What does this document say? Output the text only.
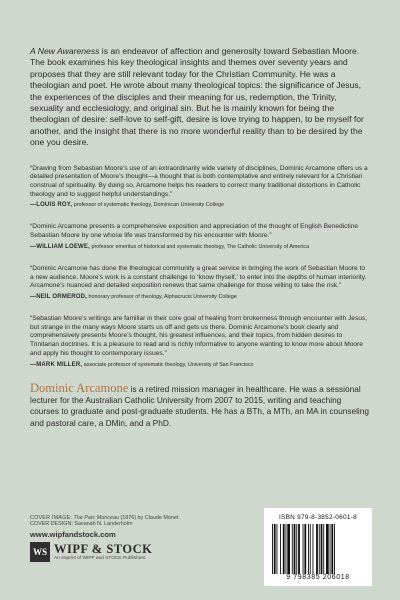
A New Awareness is an endeavor of affection and generosity toward Sebastian Moore. The book examines his key theological insights and themes over seventy years and proposes that they are still relevant today for the Christian Community. He was a theologian and poet. He wrote about many theological topics: the significance of Jesus, the experiences of the disciples and their meaning for us, redemption, the Trinity, sexuality and ecclesiology, and original sin. But he is mainly known for being the theologian of desire: self-love to self-gift, desire is love trying to happen, to be myself for another, and the insight that there is no more wonderful reality than to be desired by the one you desire.

“Drawing from Sebastian Moore’s use of an extraordinarily wide variety of disciplines, Dominic Arcamone offers us a detailed presentation of Moore’s thought—a thought that is both contemplative and entirely relevant for a Christian construal of spirituality. By doing so, Arcamone helps his readers to correct many traditional distortions in Catholic theology and to suggest helpful understandings.”

—LOUIS ROY, professor of systematic theology, Dominican University College

“Dominic Arcamone presents a comprehensive exposition and appreciation of the thought of English Benedictine Sebastian Moore by one whose life was transformed by his encounter with Moore.”

—WILLIAM LOEWE, professor emeritus of historical and systematic theology, The Catholic University of America

“Dominic Arcamone has done the theological community a great service in bringing the work of Sebastian Moore to a new audience. Moore’s work is a constant challenge to ‘know thyself,’ to enter into the depths of human interiority. Arcamone’s nuanced and detailed exposition renews that same challenge for those willing to take the risk.”

—NEIL ORMEROD, honorary professor of theology, Alphacrucis University College

“Sebastian Moore’s writings are familiar in their core goal of healing from brokenness through encounter with Jesus, but strange in the many ways Moore starts us off and gets us there. Dominic Arcamone’s book clearly and comprehensively presents Moore’s thought, his greatest influences, and their topics, from hidden desires to Trinitarian doctrines. It is a pleasure to read and is richly informative to anyone wanting to know more about Moore and apply his thought to contemporary issues.”

—MARK MILLER, associate professor of systematic theology, University of San Francisco

Dominic Arcamone is a retired mission manager in healthcare. He was a sessional lecturer for the Australian Catholic University from 2007 to 2015, writing and teaching courses to graduate and post-graduate students. He has a BTh, a MTh, an MA in counseling and pastoral care, a DMin, and a PhD.

COVER IMAGE: The Parc Monceau (1876) by Claude Monet
COVER DESIGN: Savanah N. Landerholm
www.wipfandstock.com
WS WIPF & STOCK
An Imprint of WIPF and STOCK Publishers
ISBN 979-8-3852-0601-8
9 798385 206018
